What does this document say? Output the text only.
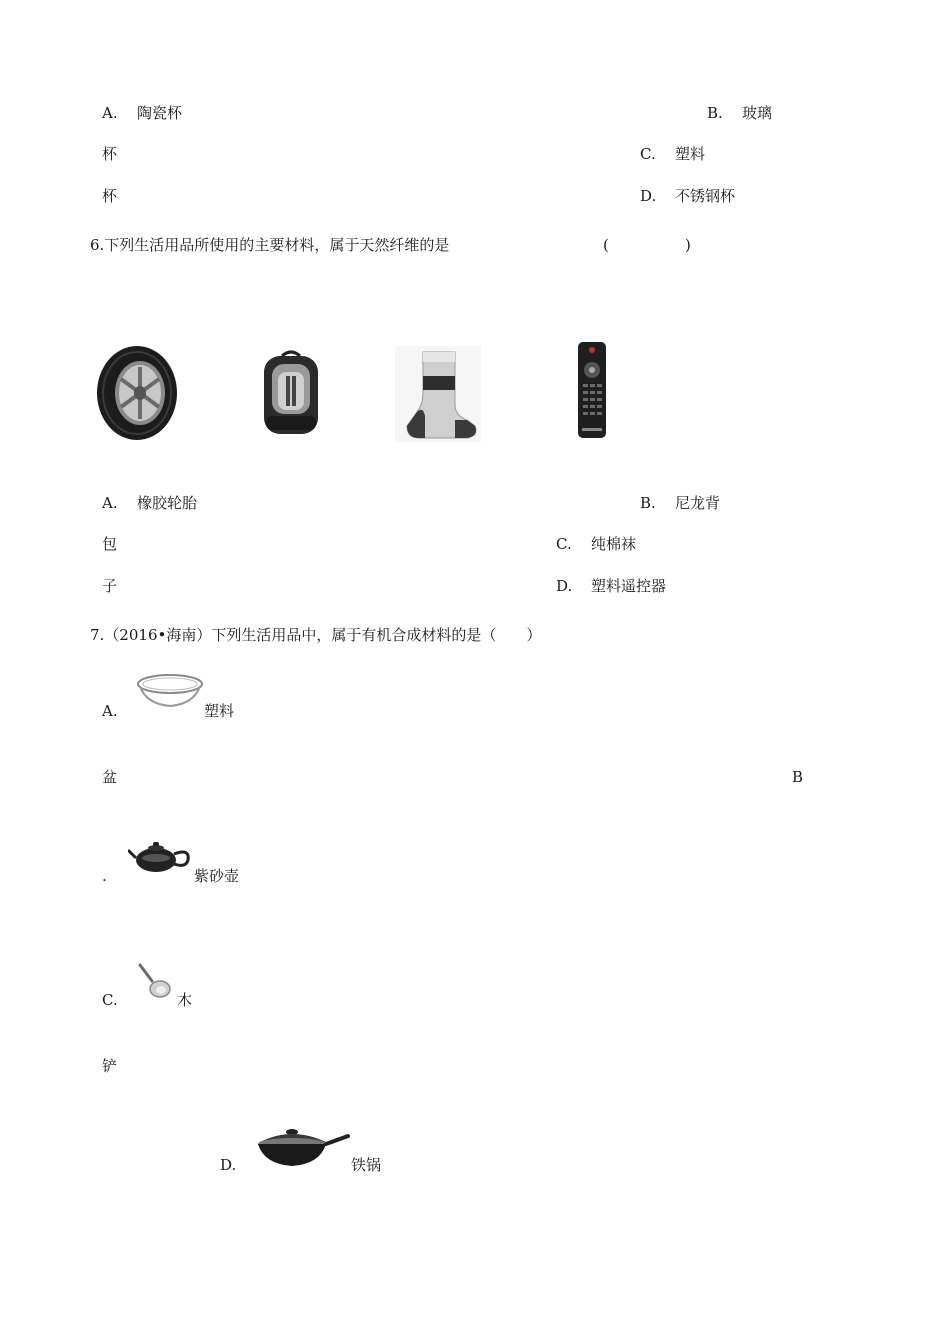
A. 陶瓷杯	B. 玻璃
杯	C. 塑料
杯	D. 不锈钢杯
6.下列生活用品所使用的主要材料，属于天然纤维的是	(	)
A. 橡胶轮胎	B. 尼龙背
包	C. 纯棉袜
子	D. 塑料遥控器
7.（2016•海南）下列生活用品中，属于有机合成材料的是（　　）
A.	塑料
盆	B
.	紫砂壶
C.	木
铲
D.	铁锅
